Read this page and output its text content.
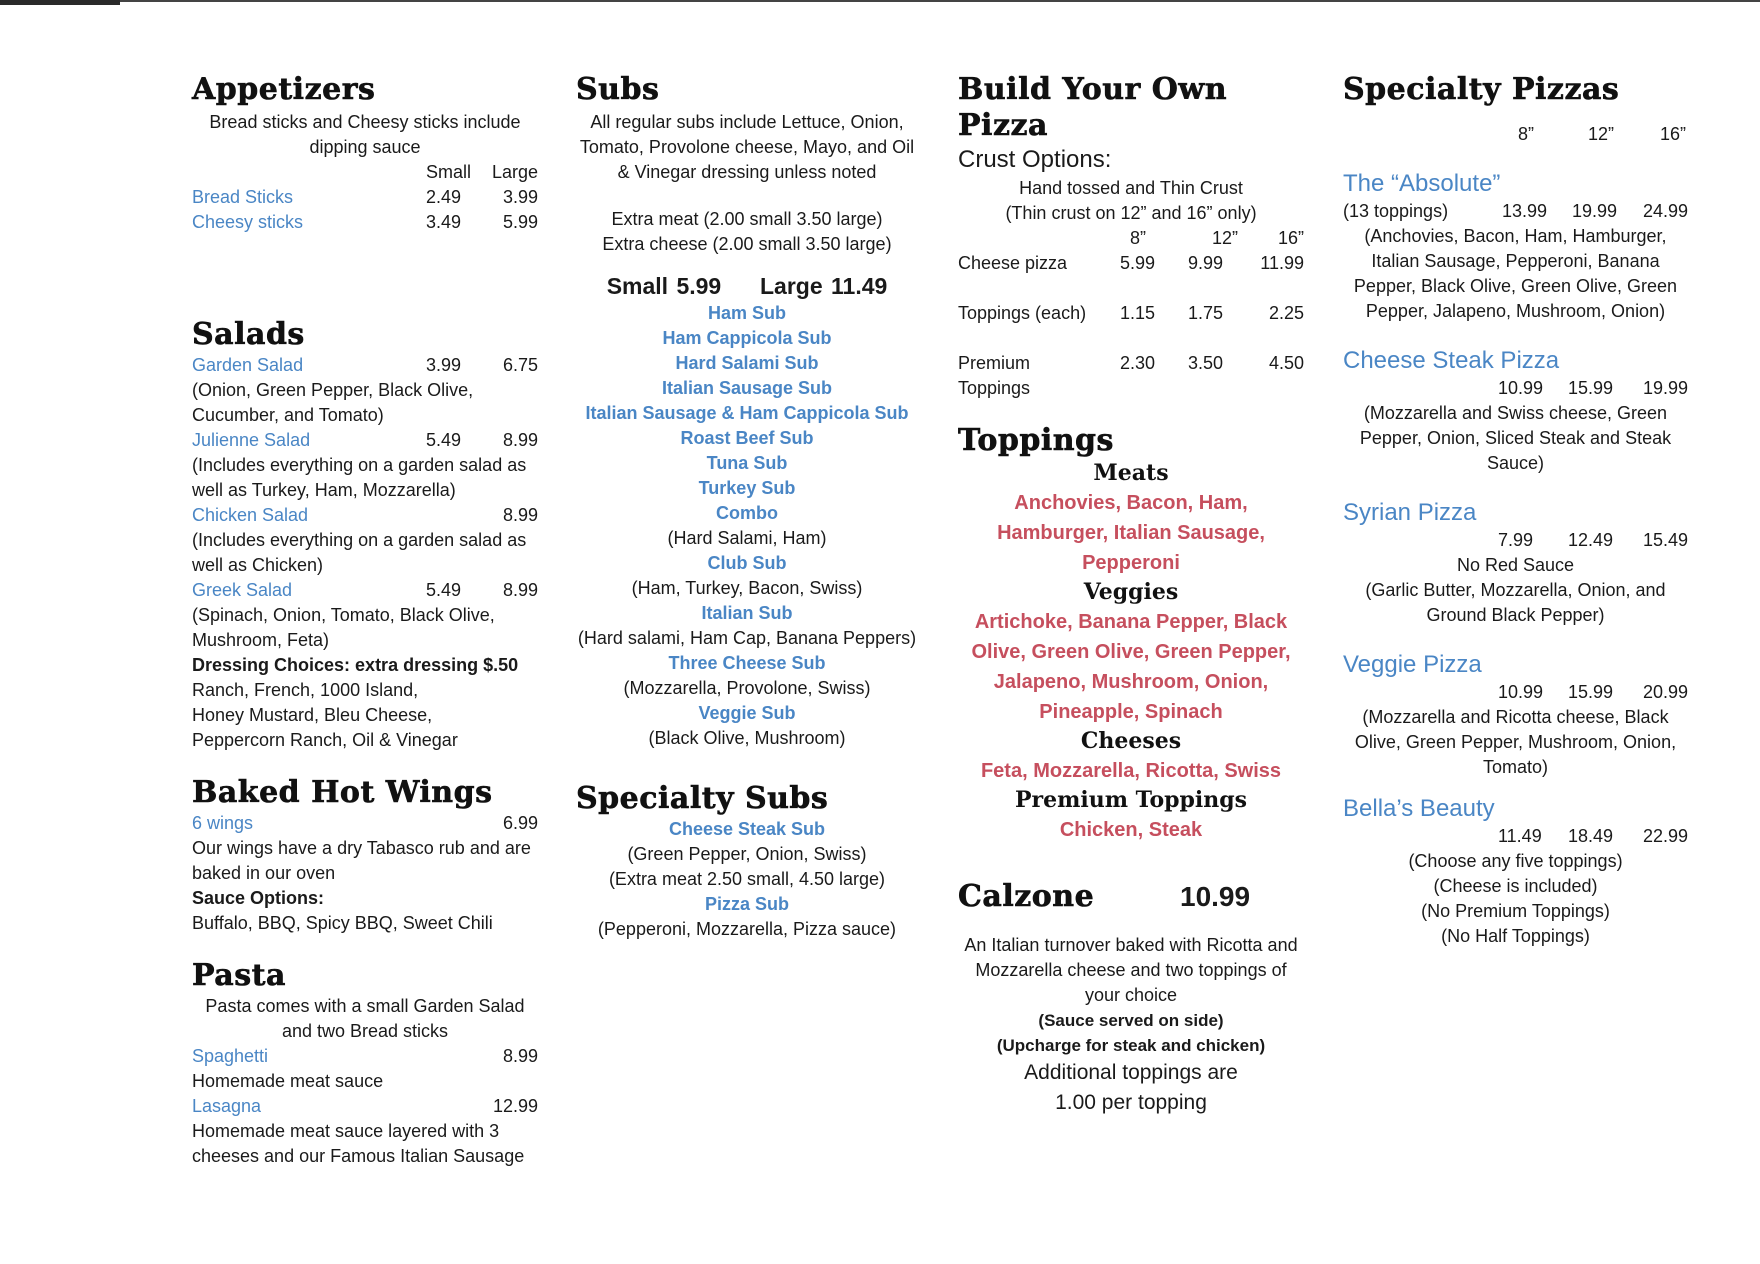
Appetizers
Bread sticks and Cheesy sticks include dipping sauce
Small	Large
Bread Sticks	2.49	3.99
Cheesy sticks	3.49	5.99
Salads
Garden Salad	3.99	6.75
(Onion, Green Pepper, Black Olive, Cucumber, and Tomato)
Julienne Salad	5.49	8.99
(Includes everything on a garden salad as well as Turkey, Ham, Mozzarella)
Chicken Salad	8.99
(Includes everything on a garden salad as well as Chicken)
Greek Salad	5.49	8.99
(Spinach, Onion, Tomato, Black Olive, Mushroom, Feta)
Dressing Choices: extra dressing $.50
Ranch, French, 1000 Island,
Honey Mustard, Bleu Cheese,
Peppercorn Ranch, Oil & Vinegar
Baked Hot Wings
6 wings	6.99
Our wings have a dry Tabasco rub and are baked in our oven
Sauce Options:
Buffalo, BBQ, Spicy BBQ, Sweet Chili
Pasta
Pasta comes with a small Garden Salad and two Bread sticks
Spaghetti	8.99
Homemade meat sauce
Lasagna	12.99
Homemade meat sauce layered with 3 cheeses and our Famous Italian Sausage
Subs
All regular subs include Lettuce, Onion, Tomato, Provolone cheese, Mayo, and Oil & Vinegar dressing unless noted
Extra meat (2.00 small 3.50 large)
Extra cheese (2.00 small 3.50 large)
Small 5.99 Large 11.49
Ham Sub
Ham Cappicola Sub
Hard Salami Sub
Italian Sausage Sub
Italian Sausage & Ham Cappicola Sub
Roast Beef Sub
Tuna Sub
Turkey Sub
Combo
(Hard Salami, Ham)
Club Sub
(Ham, Turkey, Bacon, Swiss)
Italian Sub
(Hard salami, Ham Cap, Banana Peppers)
Three Cheese Sub
(Mozzarella, Provolone, Swiss)
Veggie Sub
(Black Olive, Mushroom)
Specialty Subs
Cheese Steak Sub
(Green Pepper, Onion, Swiss)
(Extra meat 2.50 small, 4.50 large)
Pizza Sub
(Pepperoni, Mozzarella, Pizza sauce)
Build Your Own
Pizza
Crust Options:
Hand tossed and Thin Crust
(Thin crust on 12” and 16” only)
8”	12”	16”
Cheese pizza	5.99	9.99	11.99
Toppings (each)	1.15	1.75	2.25
Premium
Toppings
2.30	3.50	4.50
Toppings
Meats
Anchovies, Bacon, Ham, Hamburger, Italian Sausage, Pepperoni
Veggies
Artichoke, Banana Pepper, Black Olive, Green Olive, Green Pepper, Jalapeno, Mushroom, Onion, Pineapple, Spinach
Cheeses
Feta, Mozzarella, Ricotta, Swiss
Premium Toppings
Chicken, Steak
Calzone	10.99
An Italian turnover baked with Ricotta and Mozzarella cheese and two toppings of your choice
(Sauce served on side)
(Upcharge for steak and chicken)
Additional toppings are
1.00 per topping
Specialty Pizzas
8”	12”	16”
The “Absolute”
(13 toppings)	13.99	19.99	24.99
(Anchovies, Bacon, Ham, Hamburger, Italian Sausage, Pepperoni, Banana Pepper, Black Olive, Green Olive, Green Pepper, Jalapeno, Mushroom, Onion)
Cheese Steak Pizza
10.99	15.99	19.99
(Mozzarella and Swiss cheese, Green Pepper, Onion, Sliced Steak and Steak Sauce)
Syrian Pizza
7.99	12.49	15.49
No Red Sauce
(Garlic Butter, Mozzarella, Onion, and Ground Black Pepper)
Veggie Pizza
10.99	15.99	20.99
(Mozzarella and Ricotta cheese, Black Olive, Green Pepper, Mushroom, Onion, Tomato)
Bella’s Beauty
11.49	18.49	22.99
(Choose any five toppings)
(Cheese is included)
(No Premium Toppings)
(No Half Toppings)
